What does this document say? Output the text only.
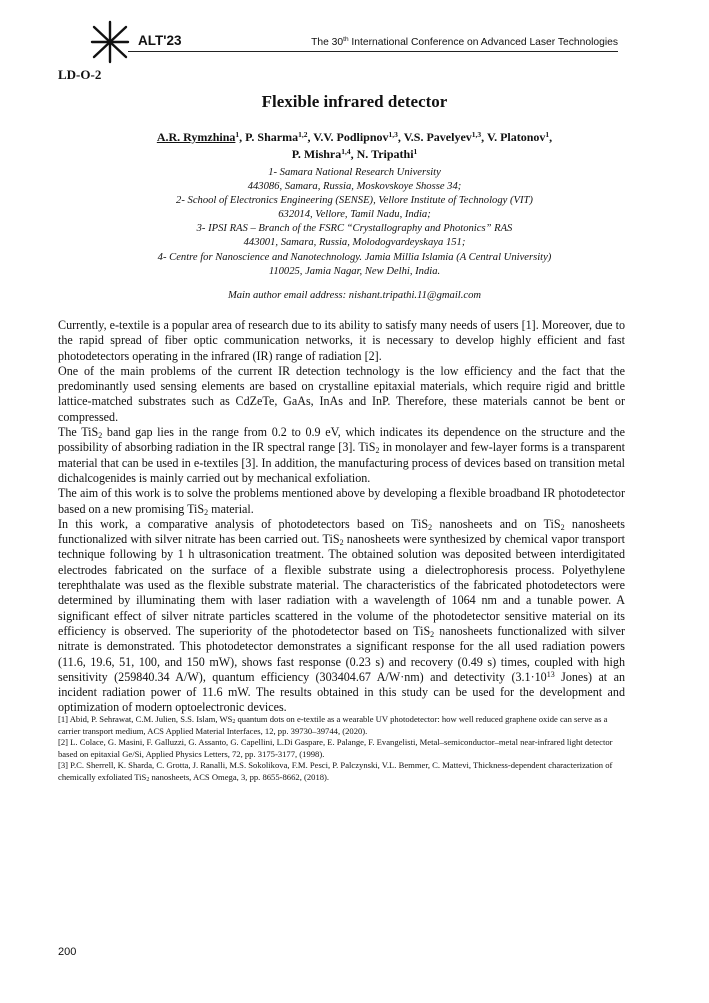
ALT'23	The 30th International Conference on Advanced Laser Technologies
LD-O-2
Flexible infrared detector
A.R. Rymzhina$^1$, P. Sharma$^{1,2}$, V.V. Podlipnov$^{1,3}$, V.S. Pavelyev$^{1,3}$, V. Platonov$^1$,
P. Mishra$^{1,4}$, N. Tripathi$^1$
1- Samara National Research University
443086, Samara, Russia, Moskovskoye Shosse 34;
2- School of Electronics Engineering (SENSE), Vellore Institute of Technology (VIT)
632014, Vellore, Tamil Nadu, India;
3- IPSI RAS – Branch of the FSRC “Crystallography and Photonics” RAS
443001, Samara, Russia, Molodogvardeyskaya 151;
4- Centre for Nanoscience and Nanotechnology. Jamia Millia Islamia (A Central University)
110025, Jamia Nagar, New Delhi, India.
Main author email address: nishant.tripathi.11@gmail.com

Currently, e-textile is a popular area of research due to its ability to satisfy many needs of users [1]. Moreover, due to the rapid spread of fiber optic communication networks, it is necessary to develop highly efficient and fast photodetectors operating in the infrared (IR) range of radiation [2].

One of the main problems of the current IR detection technology is the low efficiency and the fact that the predominantly used sensing elements are based on crystalline epitaxial materials, which require rigid and brittle lattice-matched substrates such as CdZeTe, GaAs, InAs and InP. Therefore, these materials cannot be bent or compressed.

The TiS$_2$ band gap lies in the range from 0.2 to 0.9 eV, which indicates its dependence on the structure and the possibility of absorbing radiation in the IR spectral range [3]. TiS$_2$ in monolayer and few-layer forms is a transparent material that can be used in e-textiles [3]. In addition, the manufacturing process of devices based on transition metal dichalcogenides is mainly carried out by mechanical exfoliation.

The aim of this work is to solve the problems mentioned above by developing a flexible broadband IR photodetector based on a new promising TiS$_2$ material.

In this work, a comparative analysis of photodetectors based on TiS$_2$ nanosheets and on TiS$_2$ nanosheets functionalized with silver nitrate has been carried out. TiS$_2$ nanosheets were synthesized by chemical vapor transport technique following by 1 h ultrasonication treatment. The obtained solution was deposited between interdigitated electrodes fabricated on the surface of a flexible substrate using a dielectrophoresis process. Polyethylene terephthalate was used as the flexible substrate material. The characteristics of the fabricated photodetectors were determined by illuminating them with laser radiation with a wavelength of 1064 nm and a tunable power. A significant effect of silver nitrate particles scattered in the volume of the photodetector sensitive material on its efficiency is observed. The superiority of the photodetector based on TiS$_2$ nanosheets functionalized with silver nitrate is demonstrated. This photodetector demonstrates a significant response for the all used radiation powers (11.6, 19.6, 51, 100, and 150 mW), shows fast response (0.23 s) and recovery (0.49 s) times, coupled with high sensitivity (259840.34 A/W), quantum efficiency (303404.67 A/W·nm) and detectivity ($3.1\cdot 10^{13}$ Jones) at an incident radiation power of 11.6 mW. The results obtained in this study can be used for the development and optimization of modern optoelectronic devices.

[1] Abid, P. Sehrawat, C.M. Julien, S.S. Islam, $WS_2$ quantum dots on e-textile as a wearable UV photodetector: how well reduced graphene oxide can serve as a carrier transport medium, ACS Applied Material Interfaces, 12, pp. 39730–39744, (2020).

[2] L. Colace, G. Masini, F. Galluzzi, G. Assanto, G. Capellini, L.Di Gaspare, E. Palange, F. Evangelisti, Metal–semiconductor–metal near-infrared light detector based on epitaxial Ge/Si, Applied Physics Letters, 72, pp. 3175-3177, (1998).

[3] P.C. Sherrell, K. Sharda, C. Grotta, J. Ranalli, M.S. Sokolikova, F.M. Pesci, P. Palczynski, V.L. Bemmer, C. Mattevi, Thickness-dependent characterization of chemically exfoliated TiS$_2$ nanosheets, ACS Omega, 3, pp. 8655-8662, (2018).

200
